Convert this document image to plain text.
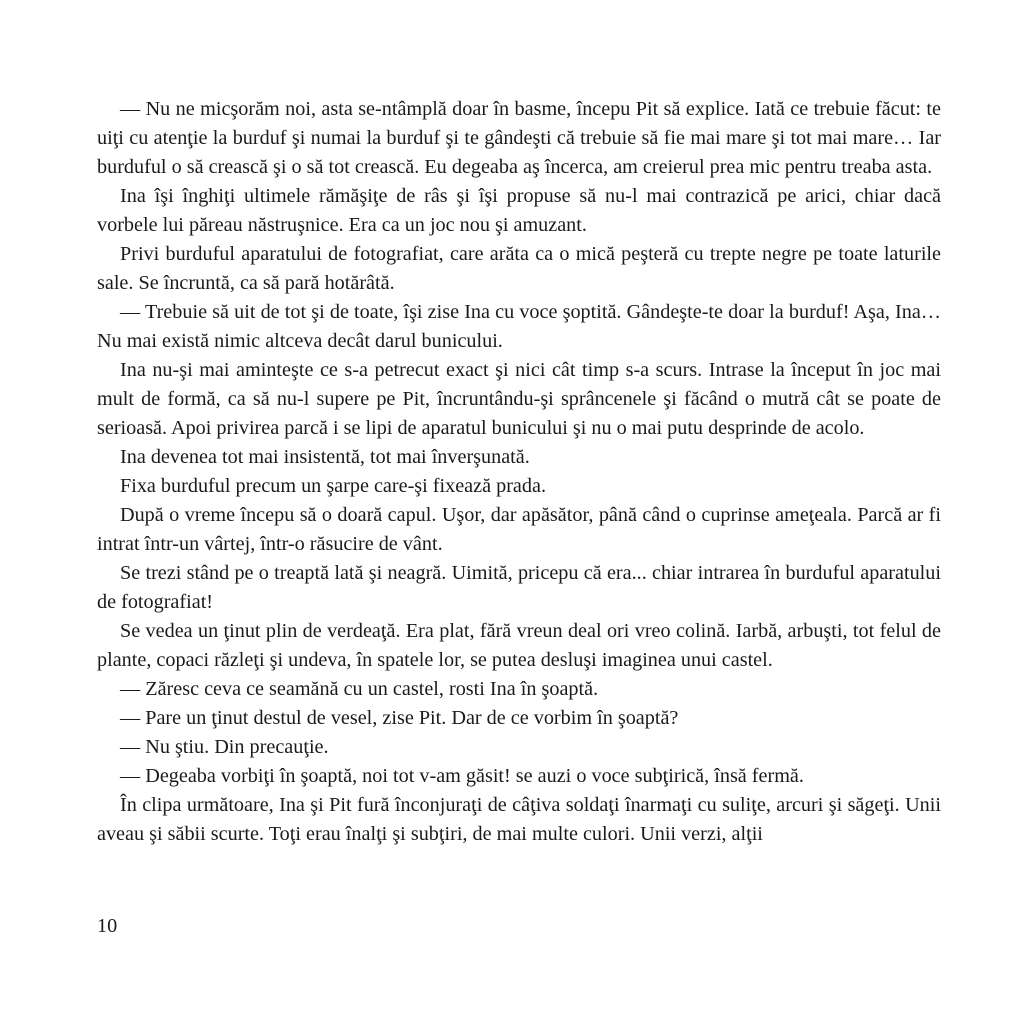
— Nu ne micşorăm noi, asta se-ntâmplă doar în basme, începu Pit să explice. Iată ce trebuie făcut: te uiţi cu atenţie la burduf şi numai la burduf şi te gândeşti că trebuie să fie mai mare şi tot mai mare… Iar burduful o să crească şi o să tot crească. Eu degeaba aş încerca, am creierul prea mic pentru treaba asta.

Ina îşi înghiţi ultimele rămăşiţe de râs şi îşi propuse să nu-l mai contrazică pe arici, chiar dacă vorbele lui păreau năstruşnice. Era ca un joc nou şi amuzant.

Privi burduful aparatului de fotografiat, care arăta ca o mică peşteră cu trepte negre pe toate laturile sale. Se încruntă, ca să pară hotărâtă.

— Trebuie să uit de tot şi de toate, îşi zise Ina cu voce şoptită. Gândeşte-te doar la burduf! Aşa, Ina… Nu mai există nimic altceva decât darul bunicului.

Ina nu-şi mai aminteşte ce s-a petrecut exact şi nici cât timp s-a scurs. Intrase la început în joc mai mult de formă, ca să nu-l supere pe Pit, încruntându-şi sprâncenele şi făcând o mutră cât se poate de serioasă. Apoi privirea parcă i se lipi de aparatul bunicului şi nu o mai putu desprinde de acolo.

Ina devenea tot mai insistentă, tot mai înverşunată.

Fixa burduful precum un şarpe care-şi fixează prada.

După o vreme începu să o doară capul. Uşor, dar apăsător, până când o cuprinse ameţeala. Parcă ar fi intrat într-un vârtej, într-o răsucire de vânt.

Se trezi stând pe o treaptă lată şi neagră. Uimită, pricepu că era... chiar intrarea în burduful aparatului de fotografiat!

Se vedea un ţinut plin de verdeaţă. Era plat, fără vreun deal ori vreo colină. Iarbă, arbuşti, tot felul de plante, copaci răzleţi şi undeva, în spatele lor, se putea desluşi imaginea unui castel.

— Zăresc ceva ce seamănă cu un castel, rosti Ina în şoaptă.

— Pare un ţinut destul de vesel, zise Pit. Dar de ce vorbim în şoaptă?

— Nu ştiu. Din precauţie.

— Degeaba vorbiţi în şoaptă, noi tot v-am găsit! se auzi o voce subţirică, însă fermă.

În clipa următoare, Ina şi Pit fură înconjuraţi de câţiva soldaţi înarmaţi cu suliţe, arcuri şi săgeţi. Unii aveau şi săbii scurte. Toţi erau înalţi şi subţiri, de mai multe culori. Unii verzi, alţii

10
